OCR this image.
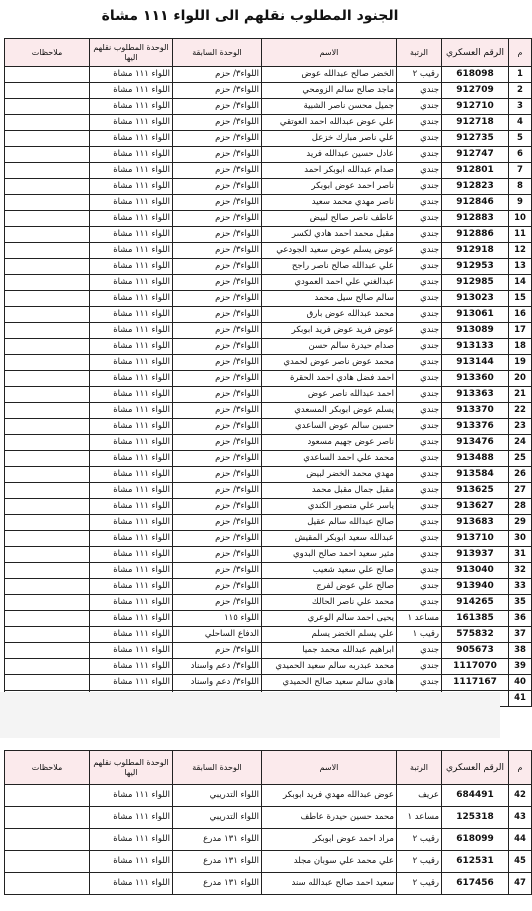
الجنود المطلوب نقلهم الى اللواء ١١١ مشاة
م	الرقم العسكري	الرتبة	الاسم	الوحدة السابقة	الوحدة المطلوب نقلهم اليها	ملاحظات
1	618098	رقيب ٢	الخضر صالح عبدالله عوض	اللواء٣/ حزم	اللواء ١١١ مشاة	
2	912709	جندي	ماجد صالح سالم الزومحي	اللواء٣/ حزم	اللواء ١١١ مشاة	
3	912710	جندي	جميل محسن ناصر الشبية	اللواء٣/ حزم	اللواء ١١١ مشاة	
4	912718	جندي	علي عوض عبدالله احمد العوتقي	اللواء٣/ حزم	اللواء ١١١ مشاة	
5	912735	جندي	علي ناصر مبارك خزعل	اللواء٣/ حزم	اللواء ١١١ مشاة	
6	912747	جندي	عادل حسين عبدالله فريد	اللواء٣/ حزم	اللواء ١١١ مشاة	
7	912801	جندي	صدام عبدالله ابوبكر احمد	اللواء٣/ حزم	اللواء ١١١ مشاة	
8	912823	جندي	ناصر احمد عوض ابوبكر	اللواء٣/ حزم	اللواء ١١١ مشاة	
9	912846	جندي	ناصر مهدي محمد سعيد	اللواء٣/ حزم	اللواء ١١١ مشاة	
10	912883	جندي	عاطف ناصر صالح لبيض	اللواء٣/ حزم	اللواء ١١١ مشاة	
11	912886	جندي	مقبل محمد احمد هادي لكسر	اللواء٣/ حزم	اللواء ١١١ مشاة	
12	912918	جندي	عوض يسلم عوض سعيد الجودعي	اللواء٣/ حزم	اللواء ١١١ مشاة	
13	912953	جندي	علي عبدالله صالح ناصر راجح	اللواء٣/ حزم	اللواء ١١١ مشاة	
14	912985	جندي	عبدالغني علي احمد العمودي	اللواء٣/ حزم	اللواء ١١١ مشاة	
15	913023	جندي	سالم صالح سيل محمد	اللواء٣/ حزم	اللواء ١١١ مشاة	
16	913061	جندي	محمد عبدالله عوض بارق	اللواء٣/ حزم	اللواء ١١١ مشاة	
17	913089	جندي	عوض فريد عوض فريد ابوبكر	اللواء٣/ حزم	اللواء ١١١ مشاة	
18	913133	جندي	صدام حيدرة سالم حسن	اللواء٣/ حزم	اللواء ١١١ مشاة	
19	913144	جندي	محمد عوض ناصر عوض لحمدي	اللواء٣/ حزم	اللواء ١١١ مشاة	
20	913360	جندي	احمد فضل هادي احمد الحقرة	اللواء٣/ حزم	اللواء ١١١ مشاة	
21	913363	جندي	احمد عبدالله ناصر عوض	اللواء٣/ حزم	اللواء ١١١ مشاة	
22	913370	جندي	يسلم عوض ابوبكر المسعدي	اللواء٣/ حزم	اللواء ١١١ مشاة	
23	913376	جندي	حسين سالم عوض الساعدي	اللواء٣/ حزم	اللواء ١١١ مشاة	
24	913476	جندي	ناصر عوض جهيم مسعود	اللواء٣/ حزم	اللواء ١١١ مشاة	
25	913488	جندي	محمد علي احمد الساعدي	اللواء٣/ حزم	اللواء ١١١ مشاة	
26	913584	جندي	مهدي محمد الخضر لبيض	اللواء٣/ حزم	اللواء ١١١ مشاة	
27	913625	جندي	مقبل جمال مقبل محمد	اللواء٣/ حزم	اللواء ١١١ مشاة	
28	913627	جندي	ياسر علي منصور الكندي	اللواء٣/ حزم	اللواء ١١١ مشاة	
29	913683	جندي	صالح عبدالله سالم عقيل	اللواء٣/ حزم	اللواء ١١١ مشاة	
30	913710	جندي	عبدالله سعيد ابوبكر المقيش	اللواء٣/ حزم	اللواء ١١١ مشاة	
31	913937	جندي	مثير سعيد احمد صالح البدوي	اللواء٣/ حزم	اللواء ١١١ مشاة	
32	913040	جندي	صالح علي سعيد شعيب	اللواء٣/ حزم	اللواء ١١١ مشاة	
33	913940	جندي	صالح علي عوض لفرج	اللواء٣/ حزم	اللواء ١١١ مشاة	
35	914265	جندي	محمد علي ناصر الحالك	اللواء٣/ حزم	اللواء ١١١ مشاة	
36	161385	مساعد ١	يحيى احمد سالم الوعري	اللواء ١١٥	اللواء ١١١ مشاة	
37	575832	رقيب ١	علي يسلم الخضر يسلم	الدفاع الساحلي	اللواء ١١١ مشاة	
38	905673	جندي	ابراهيم عبدالله محمد جميا	اللواء٣/ حزم	اللواء ١١١ مشاة	
39	1117070	جندي	محمد عبدربه سالم سعيد الحميدي	اللواء٣/ دعم واسناد	اللواء ١١١ مشاة	
40	1117167	جندي	هادي سالم سعيد صالح الحميدي	اللواء٣/ دعم واسناد	اللواء ١١١ مشاة	
41						
م	الرقم العسكري	الرتبة	الاسم	الوحدة السابقة	الوحدة المطلوب نقلهم اليها	ملاحظات
42	684491	عريف	عوض عبدالله مهدي فريد ابوبكر	اللواء التدريبي	اللواء ١١١ مشاة	
43	125318	مساعد ١	محمد حسين حيدرة عاطف	اللواء التدريبي	اللواء ١١١ مشاة	
44	618099	رقيب ٢	مراد احمد عوض ابوبكر	اللواء ١٣١ مدرع	اللواء ١١١ مشاة	
45	612531	رقيب ٢	علي محمد علي سوبان مجلد	اللواء ١٣١ مدرع	اللواء ١١١ مشاة	
47	617456	رقيب ٢	سعيد احمد صالح عبدالله سند	اللواء ١٣١ مدرع	اللواء ١١١ مشاة	
